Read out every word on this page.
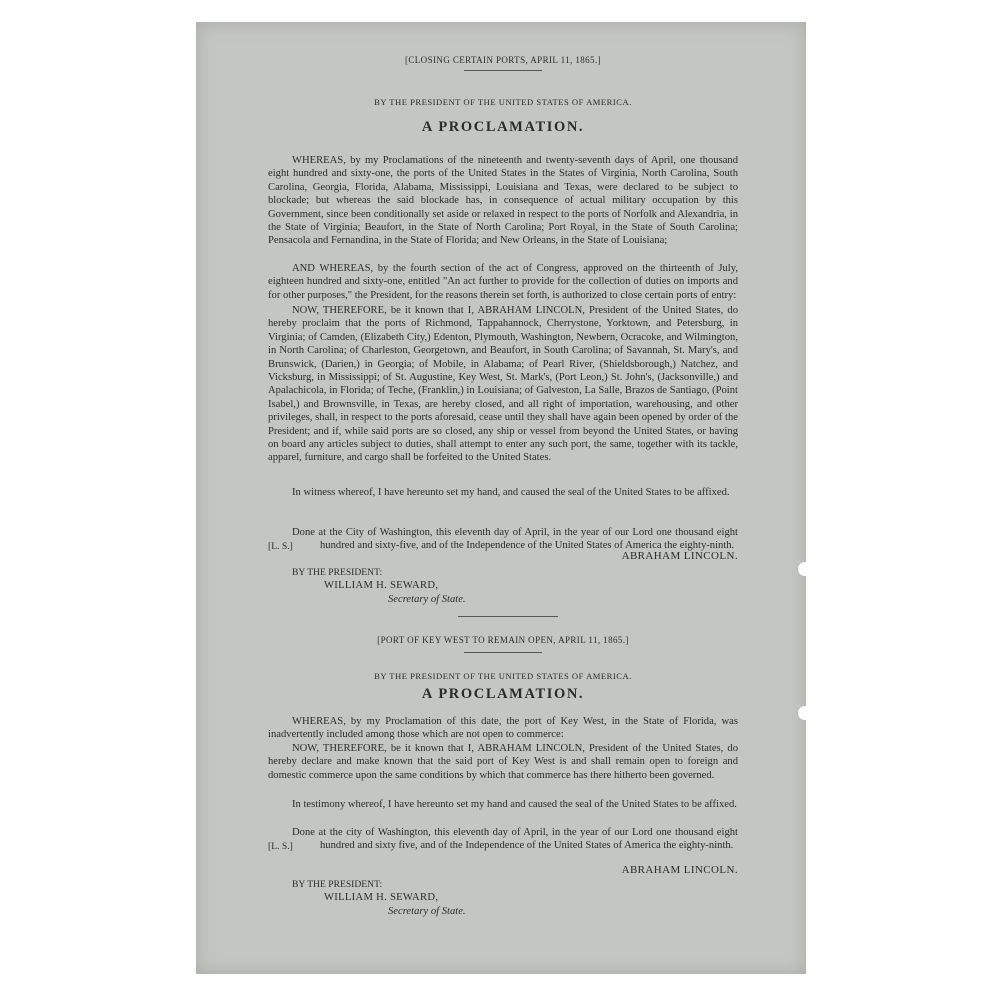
[CLOSING CERTAIN PORTS, APRIL 11, 1865.]
BY THE PRESIDENT OF THE UNITED STATES OF AMERICA.
A PROCLAMATION.

WHEREAS, by my Proclamations of the nineteenth and twenty-seventh days of April, one thousand eight hundred and sixty-one, the ports of the United States in the States of Virginia, North Carolina, South Carolina, Georgia, Florida, Alabama, Mississippi, Louisiana and Texas, were declared to be subject to blockade; but whereas the said blockade has, in consequence of actual military occupation by this Government, since been conditionally set aside or relaxed in respect to the ports of Norfolk and Alexandria, in the State of Virginia; Beaufort, in the State of North Carolina; Port Royal, in the State of South Carolina; Pensacola and Fernandina, in the State of Florida; and New Orleans, in the State of Louisiana;

AND WHEREAS, by the fourth section of the act of Congress, approved on the thirteenth of July, eighteen hundred and sixty-one, entitled "An act further to provide for the collection of duties on imports and for other purposes," the President, for the reasons therein set forth, is authorized to close certain ports of entry:

NOW, THEREFORE, be it known that I, ABRAHAM LINCOLN, President of the United States, do hereby proclaim that the ports of Richmond, Tappahannock, Cherrystone, Yorktown, and Petersburg, in Virginia; of Camden, (Elizabeth City,) Edenton, Plymouth, Washington, Newbern, Ocracoke, and Wilmington, in North Carolina; of Charleston, Georgetown, and Beaufort, in South Carolina; of Savannah, St. Mary's, and Brunswick, (Darien,) in Georgia; of Mobile, in Alabama; of Pearl River, (Shieldsborough,) Natchez, and Vicksburg, in Mississippi; of St. Augustine, Key West, St. Mark's, (Port Leon,) St. John's, (Jacksonville,) and Apalachicola, in Florida; of Teche, (Franklin,) in Louisiana; of Galveston, La Salle, Brazos de Santiago, (Point Isabel,) and Brownsville, in Texas, are hereby closed, and all right of importation, warehousing, and other privileges, shall, in respect to the ports aforesaid, cease until they shall have again been opened by order of the President; and if, while said ports are so closed, any ship or vessel from beyond the United States, or having on board any articles subject to duties, shall attempt to enter any such port, the same, together with its tackle, apparel, furniture, and cargo shall be forfeited to the United States.

In witness whereof, I have hereunto set my hand, and caused the seal of the United States to be affixed.

[L. S.]

Done at the City of Washington, this eleventh day of April, in the year of our Lord one thousand eight hundred and sixty-five, and of the Independence of the United States of America the eighty-ninth.

ABRAHAM LINCOLN.
BY THE PRESIDENT:
WILLIAM H. SEWARD,
Secretary of State.
[PORT OF KEY WEST TO REMAIN OPEN, APRIL 11, 1865.]
BY THE PRESIDENT OF THE UNITED STATES OF AMERICA.
A PROCLAMATION.

WHEREAS, by my Proclamation of this date, the port of Key West, in the State of Florida, was inadvertently included among those which are not open to commerce:

NOW, THEREFORE, be it known that I, ABRAHAM LINCOLN, President of the United States, do hereby declare and make known that the said port of Key West is and shall remain open to foreign and domestic commerce upon the same conditions by which that commerce has there hitherto been governed.

In testimony whereof, I have hereunto set my hand and caused the seal of the United States to be affixed.

[L. S.]

Done at the city of Washington, this eleventh day of April, in the year of our Lord one thousand eight hundred and sixty five, and of the Independence of the United States of America the eighty-ninth.

ABRAHAM LINCOLN.
BY THE PRESIDENT:
WILLIAM H. SEWARD,
Secretary of State.
